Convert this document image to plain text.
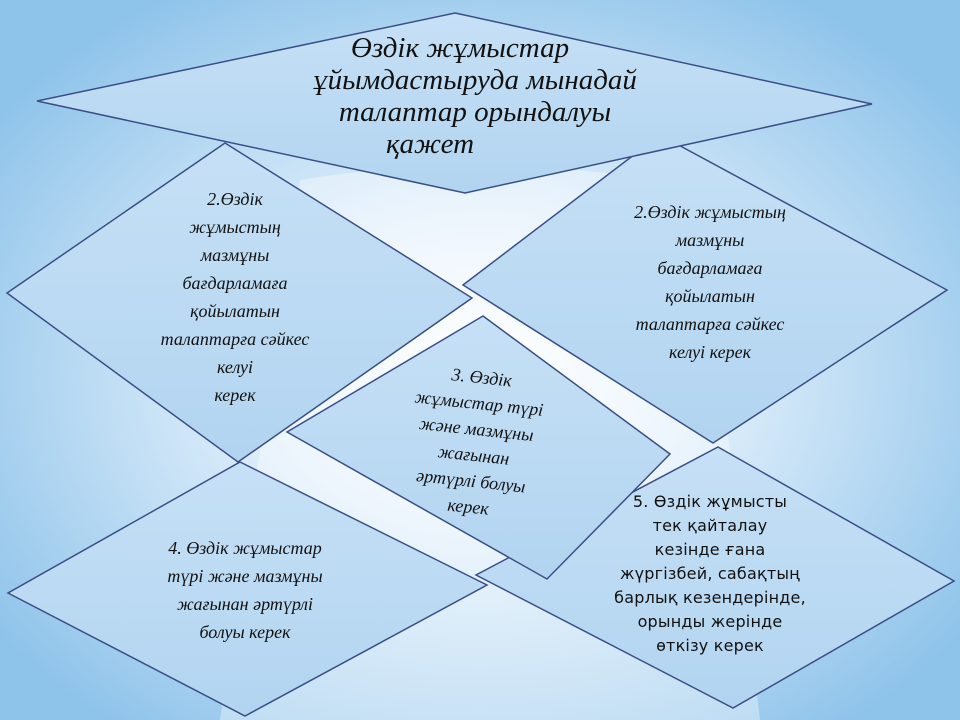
Өздік жұмыстар
ұйымдастыруда мынадай
талаптар орындалуы
қажет
2.Өздік
жұмыстың
мазмұны
бағдарламаға
қойылатын
талаптарға сәйкес
келуі
керек
2.Өздік жұмыстың
мазмұны
бағдарламаға
қойылатын
талаптарға сәйкес
келуі керек
3. Өздік
жұмыстар түрі
және мазмұны
жағынан
әртүрлі болуы
керек
4. Өздік жұмыстар
түрі және мазмұны
жағынан әртүрлі
болуы керек
5. Өздік жұмысты
тек қайталау
кезінде ғана
жүргізбей, сабақтың
барлық кезендерінде,
орынды жерінде
өткізу керек
